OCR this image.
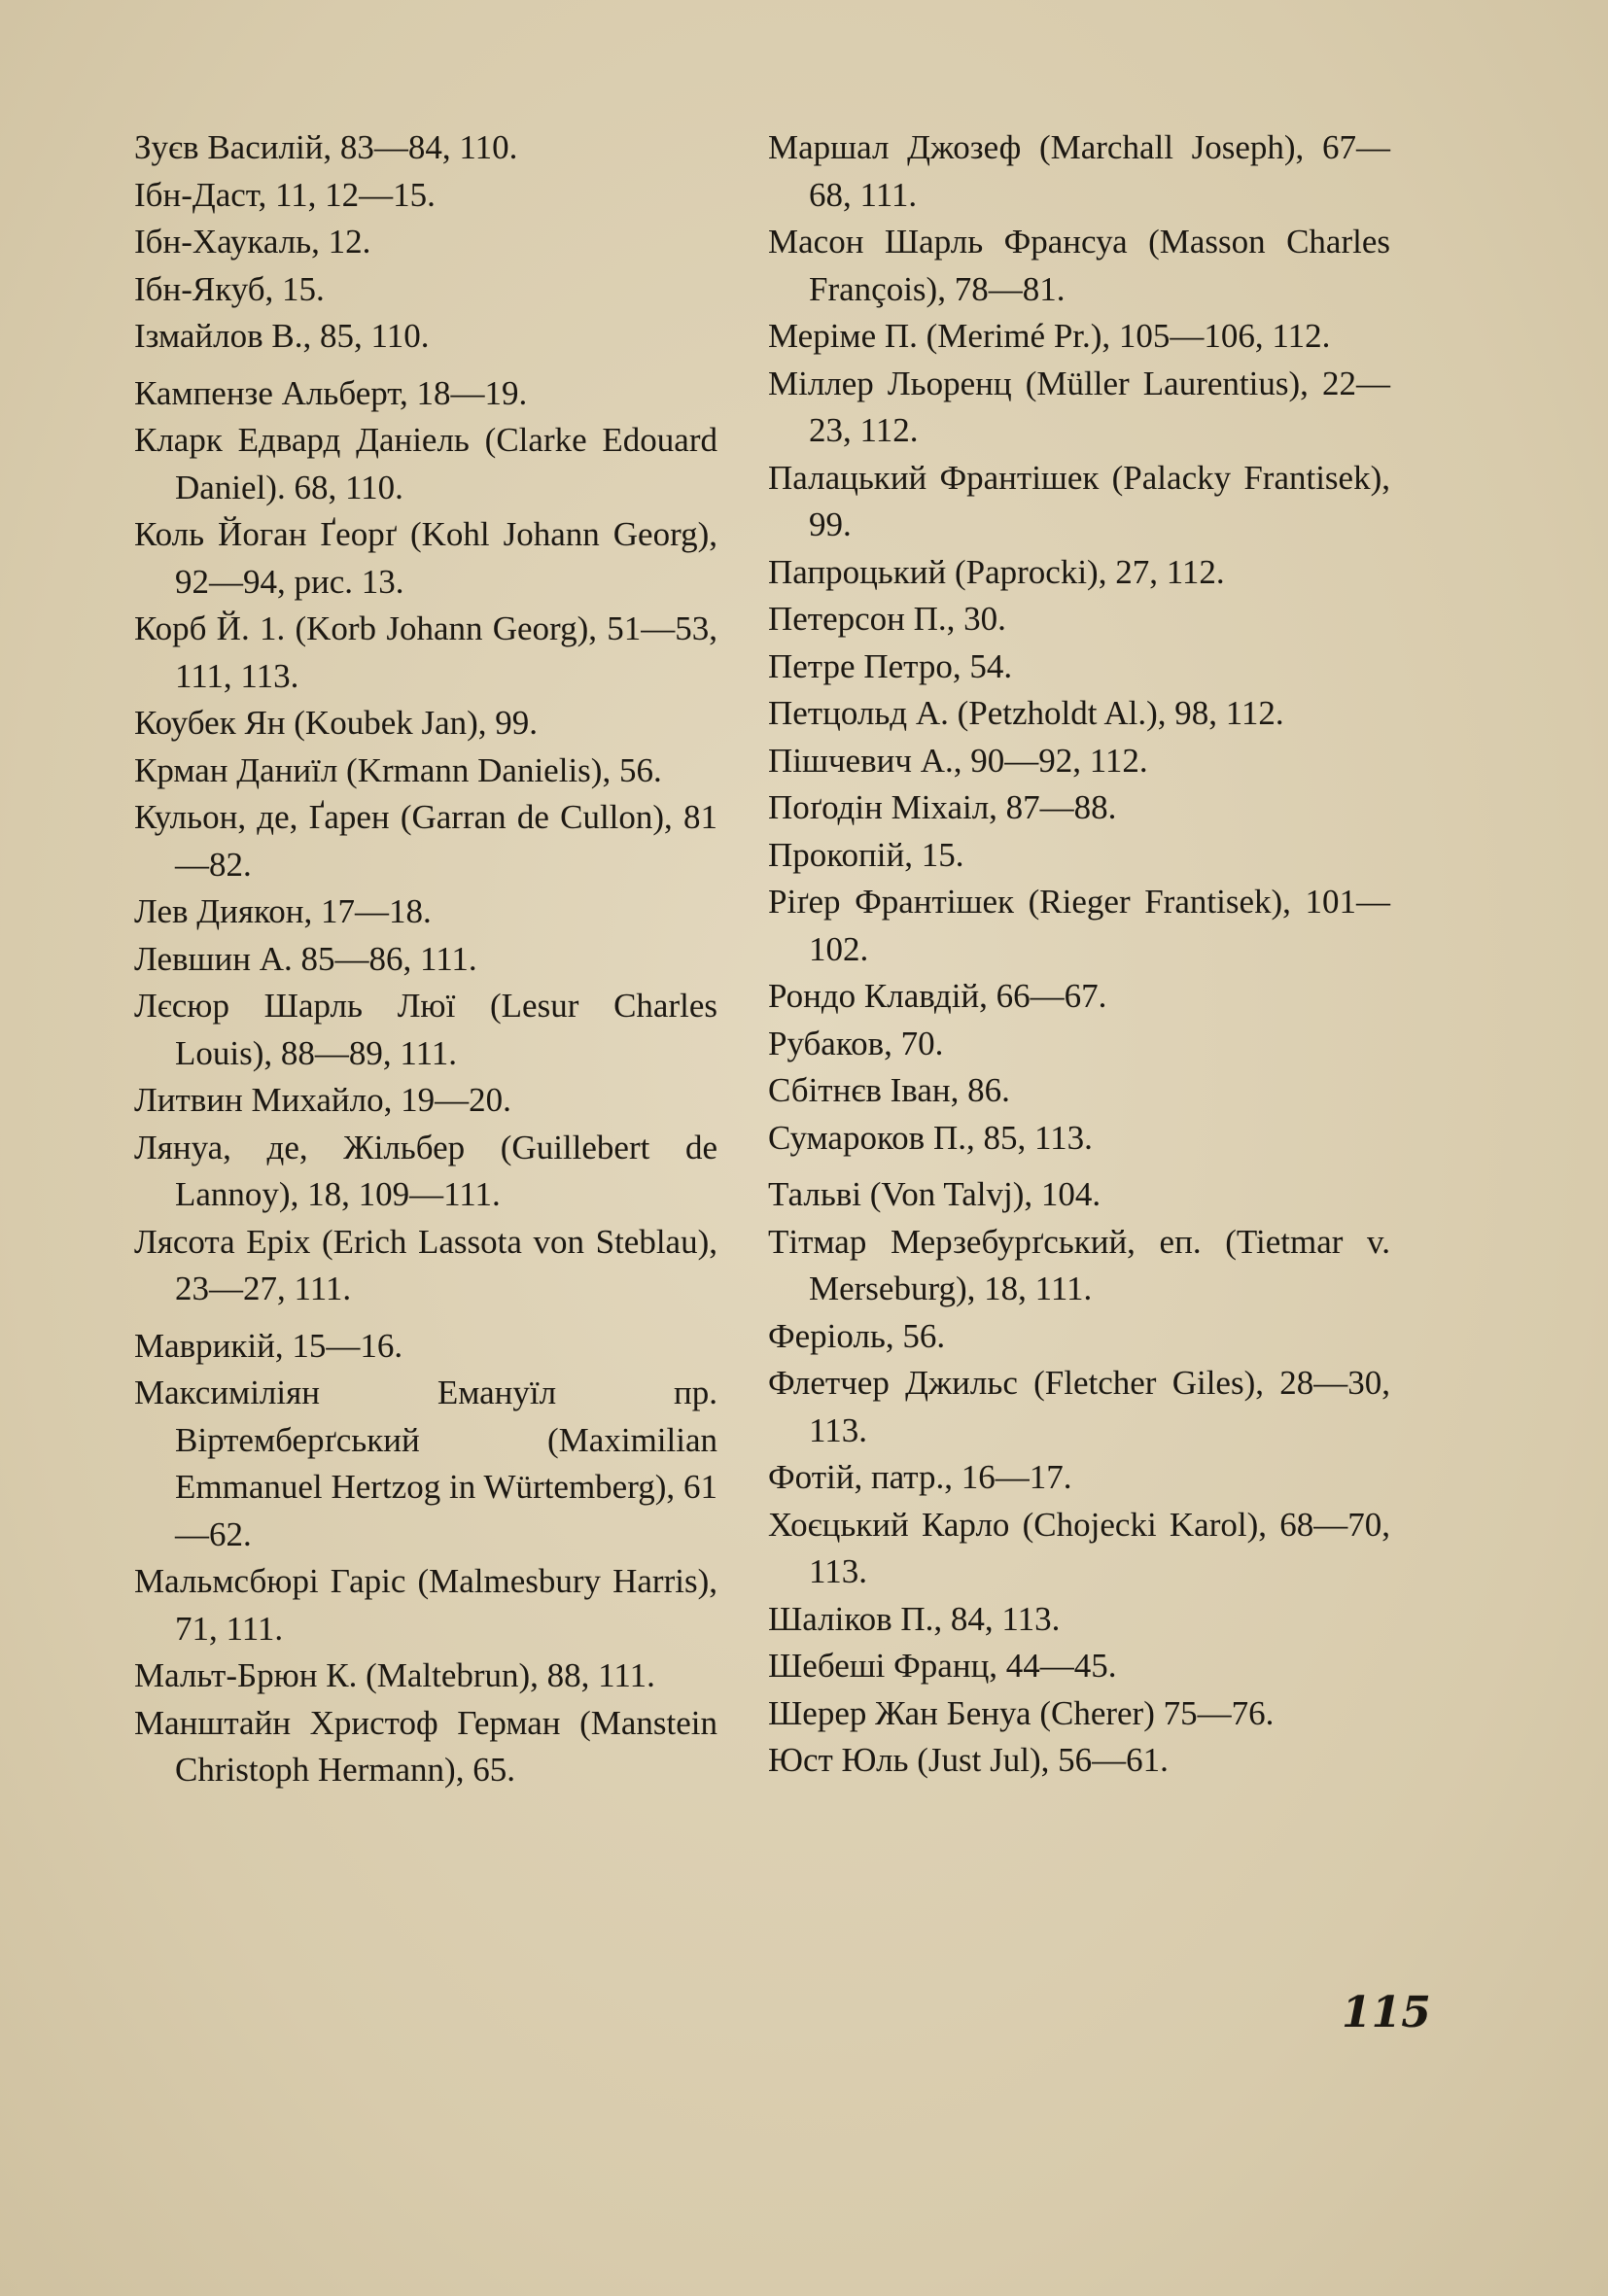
Зуєв Василій, 83—84, 110.

Ібн-Даст, 11, 12—15.

Ібн-Хаукаль, 12.

Ібн-Якуб, 15.

Ізмайлов В., 85, 110.

Кампензе Альберт, 18—19.

Кларк Едвард Даніель (Clarke Edouard Daniel). 68, 110.

Коль Йоган Ґеорґ (Kohl Johann Georg), 92—94, рис. 13.

Корб Й. 1. (Korb Johann Georg), 51—53, 111, 113.

Коубек Ян (Koubek Jan), 99.

Крман Даниїл (Krmann Danielis), 56.

Кульон, де, Ґарен (Garran de Cullon), 81—82.

Лев Диякон, 17—18.

Левшин А. 85—86, 111.

Лєсюр Шарль Люї (Lesur Charles Louis), 88—89, 111.

Литвин Михайло, 19—20.

Лянуа, де, Жільбер (Guillebert de Lannoy), 18, 109—111.

Лясота Еріх (Erich Lassota von Steblau), 23—27, 111.

Маврикій, 15—16.

Максиміліян Емануїл пр. Віртемберґський (Maximilian Emmanuel Hertzog in Würtemberg), 61—62.

Мальмсбюрі Гаріс (Malmesbury Harris), 71, 111.

Мальт-Брюн К. (Maltebrun), 88, 111.

Манштайн Христоф Герман (Manstein Christoph Hermann), 65.

Маршал Джозеф (Marchall Joseph), 67—68, 111.

Масон Шарль Франсуа (Masson Charles François), 78—81.

Меріме П. (Merimé Pr.), 105—106, 112.

Міллер Льоренц (Müller Laurentius), 22—23, 112.

Палацький Франтішек (Palacky Frantisek), 99.

Папроцький (Paprocki), 27, 112.

Петерсон П., 30.

Петре Петро, 54.

Петцольд А. (Petzholdt Al.), 98, 112.

Пішчевич А., 90—92, 112.

Поґодін Міхаіл, 87—88.

Прокопій, 15.

Ріґер Франтішек (Rieger Frantisek), 101—102.

Рондо Клавдій, 66—67.

Рубаков, 70.

Сбітнєв Іван, 86.

Сумароков П., 85, 113.

Тальві (Von Talvj), 104.

Тітмар Мерзебурґський, еп. (Tietmar v. Merseburg), 18, 111.

Феріоль, 56.

Флетчер Джильс (Fletcher Giles), 28—30, 113.

Фотій, патр., 16—17.

Хоєцький Карло (Chojecki Karol), 68—70, 113.

Шаліков П., 84, 113.

Шебеші Франц, 44—45.

Шерер Жан Бенуа (Cherer) 75—76.

Юст Юль (Just Jul), 56—61.

115
